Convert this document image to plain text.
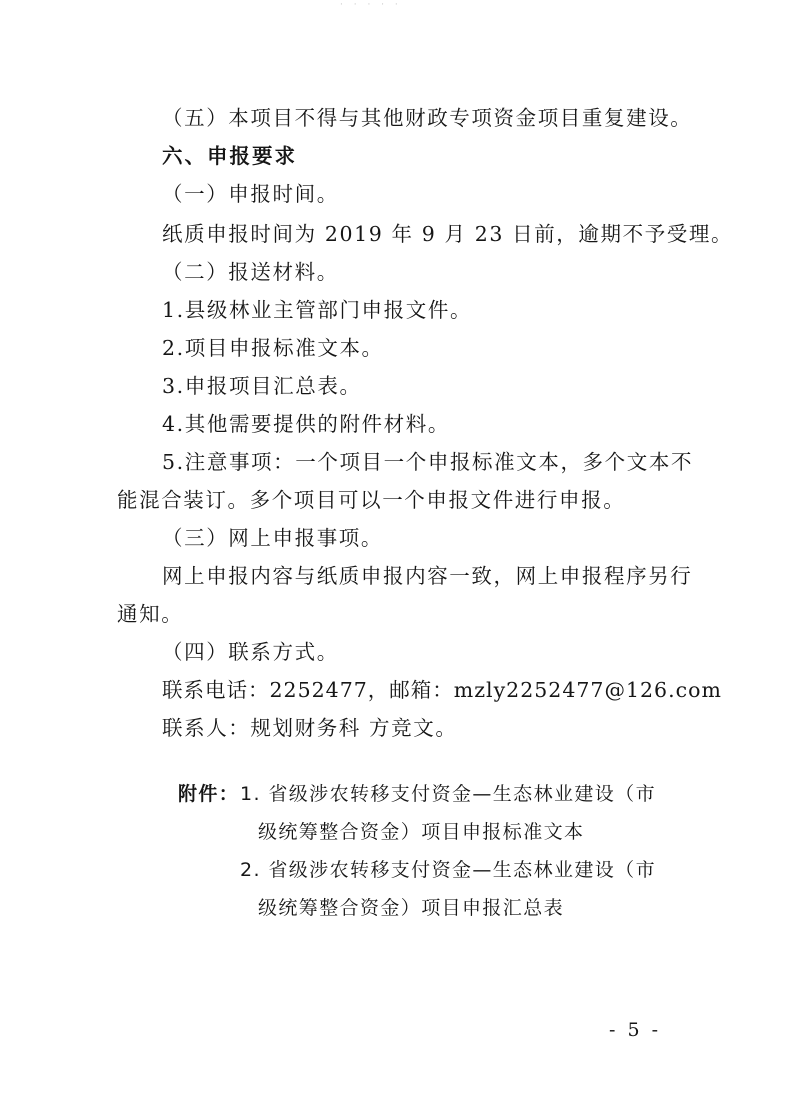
· · · · ·
（五）本项目不得与其他财政专项资金项目重复建设。
六、申报要求
（一）申报时间。
纸质申报时间为 2019 年 9 月 23 日前，逾期不予受理。
（二）报送材料。
1.县级林业主管部门申报文件。
2.项目申报标准文本。
3.申报项目汇总表。
4.其他需要提供的附件材料。
5.注意事项：一个项目一个申报标准文本，多个文本不
能混合装订。多个项目可以一个申报文件进行申报。
（三）网上申报事项。
网上申报内容与纸质申报内容一致，网上申报程序另行
通知。
（四）联系方式。
联系电话：2252477，邮箱：mzly2252477@126.com
联系人：规划财务科 方竞文。
附件： 1. 省级涉农转移支付资金—生态林业建设（市
级统筹整合资金）项目申报标准文本
2. 省级涉农转移支付资金—生态林业建设（市
级统筹整合资金）项目申报汇总表
- 5 -
